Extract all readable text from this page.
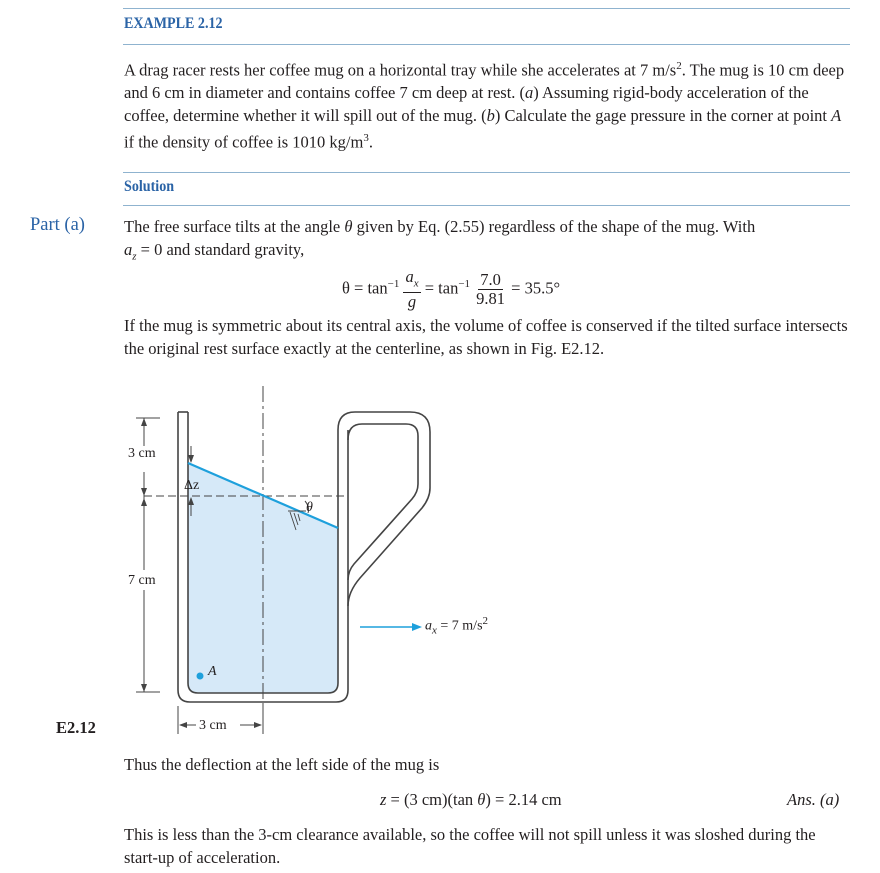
EXAMPLE 2.12
A drag racer rests her coffee mug on a horizontal tray while she accelerates at 7 $m/s^2$. The mug is 10 cm deep and 6 cm in diameter and contains coffee 7 cm deep at rest. (a) Assuming rigid-body acceleration of the coffee, determine whether it will spill out of the mug. (b) Calculate the gage pressure in the corner at point A if the density of coffee is 1010 $kg/m^3$.
Solution
Part (a) The free surface tilts at the angle θ given by Eq. (2.55) regardless of the shape of the mug. With
$a_z = 0$ and standard gravity,
$\theta = \tan^{-1} \frac{a_x}{g} = \tan^{-1} \frac{7.0}{9.81} = 35.5^\circ$
If the mug is symmetric about its central axis, the volume of coffee is conserved if the tilted surface intersects the original rest surface exactly at the centerline, as shown in Fig. E2.12.
3 cm
7 cm
3 cm
Δz
θ
A
$a_x = 7$ $m/s^2$
E2.12
Thus the deflection at the left side of the mug is
z = (3 cm)(tan θ) = 2.14 cm	Ans. (a)
This is less than the 3-cm clearance available, so the coffee will not spill unless it was sloshed during the start-up of acceleration.
